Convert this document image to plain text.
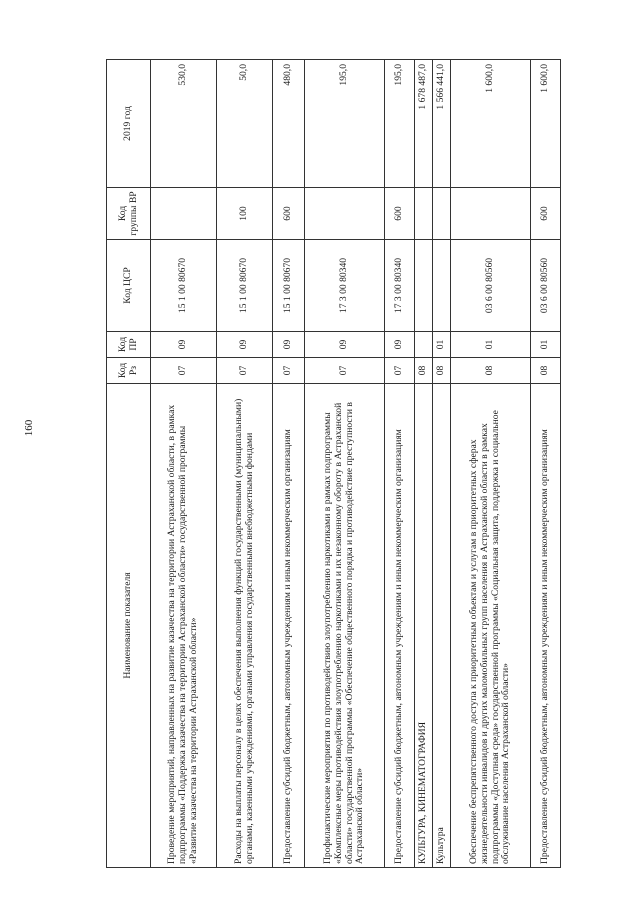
160
Наименование показателя	Код Рз	Код ПР	Код ЦСР	Код группы ВР	2019 год
Проведение мероприятий, направленных на развитие казачества на территории Астраханской области, в рамках подпрограммы «Поддержка казачества на территории Астраханской области» государственной программы «Развитие казачества на территории Астраханской области»	07	09	15 1 00 80670		530,0
Расходы на выплаты персоналу в целях обеспечения выполнения функций государственными (муниципальными) органами, казенными учреждениями, органами управления государственными внебюджетными фондами	07	09	15 1 00 80670	100	50,0
Предоставление субсидий бюджетным, автономным учреждениям и иным некоммерческим организациям	07	09	15 1 00 80670	600	480,0
Профилактические мероприятия по противодействию злоупотреблению наркотиками в рамках подпрограммы «Комплексные меры противодействия злоупотреблению наркотиками и их незаконному обороту в Астраханской области» государственной программы «Обеспечение общественного порядка и противодействие преступности в Астраханской области»	07	09	17 3 00 80340		195,0
Предоставление субсидий бюджетным, автономным учреждениям и иным некоммерческим организациям	07	09	17 3 00 80340	600	195,0
КУЛЬТУРА, КИНЕМАТОГРАФИЯ	08				1 678 487,0
Культура	08	01			1 566 441,0
Обеспечение беспрепятственного доступа к приоритетным объектам и услугам в приоритетных сферах жизнедеятельности инвалидов и других маломобильных групп населения в Астраханской области в рамках подпрограммы «Доступная среда» государственной программы «Социальная защита, поддержка и социальное обслуживание населения Астраханской области»	08	01	03 6 00 80560		1 600,0
Предоставление субсидий бюджетным, автономным учреждениям и иным некоммерческим организациям	08	01	03 6 00 80560	600	1 600,0
